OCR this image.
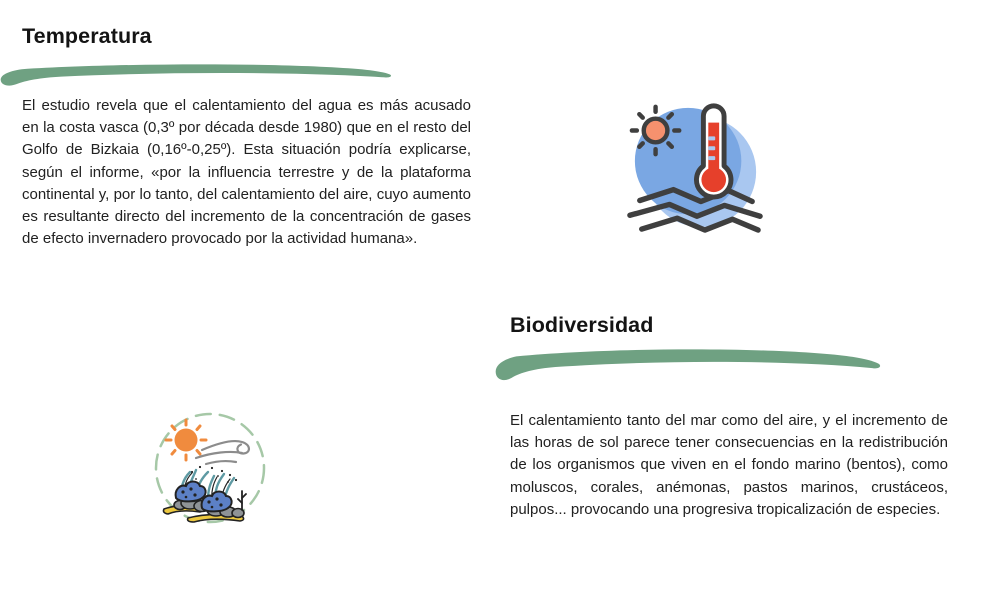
Temperatura

El estudio revela que el calentamiento del agua es más acusado en la costa vasca (0,3º por década desde 1980) que en el resto del Golfo de Bizkaia (0,16º-0,25º). Esta situación podría explicarse, según el informe, «por la influencia terrestre y de la plataforma continental y, por lo tanto, del calentamiento del aire, cuyo aumento es resultante directo del incremento de la concentración de gases de efecto invernadero provocado por la actividad humana».

Biodiversidad

El calentamiento tanto del mar como del aire, y el incremento de las horas de sol parece tener consecuencias en la redistribución de los organismos que viven en el fondo marino (bentos), como moluscos, corales, anémonas, pastos marinos, crustáceos, pulpos... provocando una progresiva tropicalización de especies.
